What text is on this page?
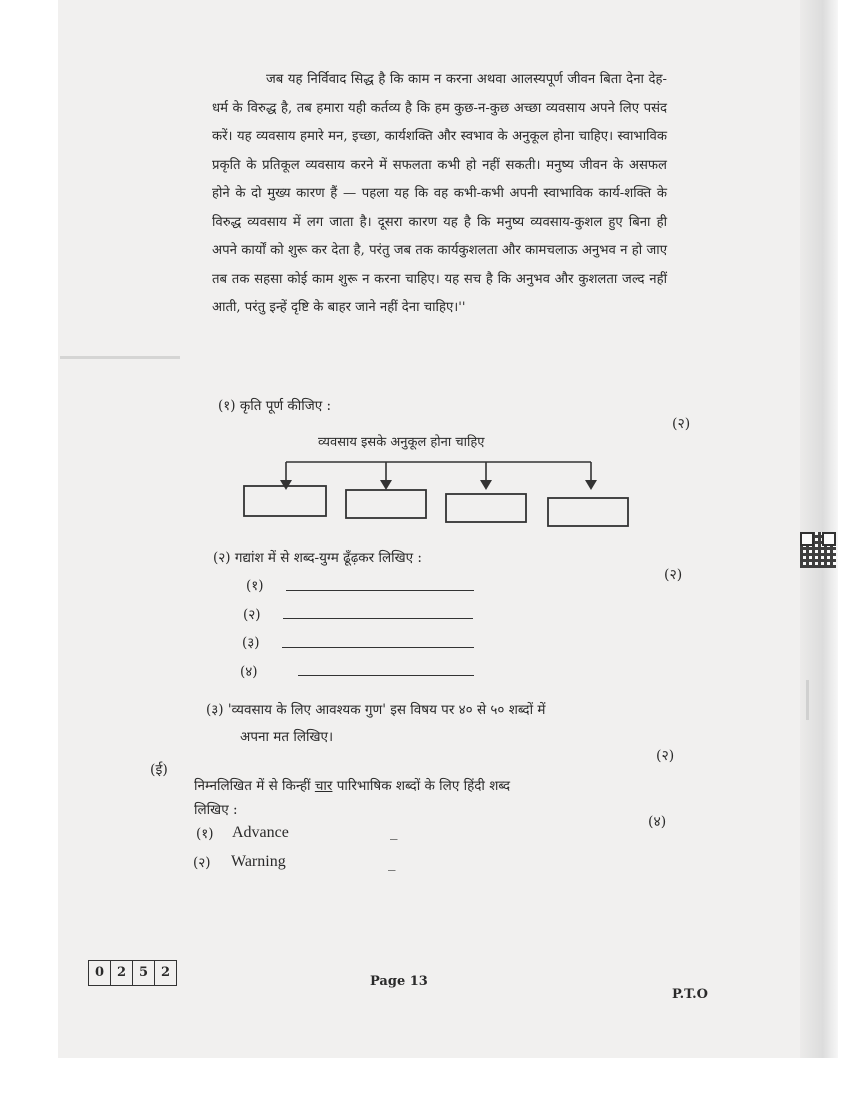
जब यह निर्विवाद सिद्ध है कि काम न करना अथवा आलस्यपूर्ण जीवन बिता देना देह-धर्म के विरुद्ध है, तब हमारा यही कर्तव्य है कि हम कुछ-न-कुछ अच्छा व्यवसाय अपने लिए पसंद करें। यह व्यवसाय हमारे मन, इच्छा, कार्यशक्ति और स्वभाव के अनुकूल होना चाहिए। स्वाभाविक प्रकृति के प्रतिकूल व्यवसाय करने में सफलता कभी हो नहीं सकती। मनुष्य जीवन के असफल होने के दो मुख्य कारण हैं — पहला यह कि वह कभी-कभी अपनी स्वाभाविक कार्य-शक्ति के विरुद्ध व्यवसाय में लग जाता है। दूसरा कारण यह है कि मनुष्य व्यवसाय-कुशल हुए बिना ही अपने कार्यों को शुरू कर देता है, परंतु जब तक कार्यकुशलता और कामचलाऊ अनुभव न हो जाए तब तक सहसा कोई काम शुरू न करना चाहिए। यह सच है कि अनुभव और कुशलता जल्द नहीं आती, परंतु इन्हें दृष्टि के बाहर जाने नहीं देना चाहिए।''

(१) कृति पूर्ण कीजिए :
(२)
व्यवसाय इसके अनुकूल होना चाहिए
(२) गद्यांश में से शब्द-युग्म ढूँढ़कर लिखिए :
(२)
(१)
(२)
(३)
(४)
(३) 'व्यवसाय के लिए आवश्यक गुण' इस विषय पर ४० से ५० शब्दों में
अपना मत लिखिए।
(२)
(ई)
निम्नलिखित में से किन्हीं चार पारिभाषिक शब्दों के लिए हिंदी शब्द
लिखिए :
(४)
(१) Advance	_
(२) Warning	_
0 2 5 2
Page 13
P.T.O
